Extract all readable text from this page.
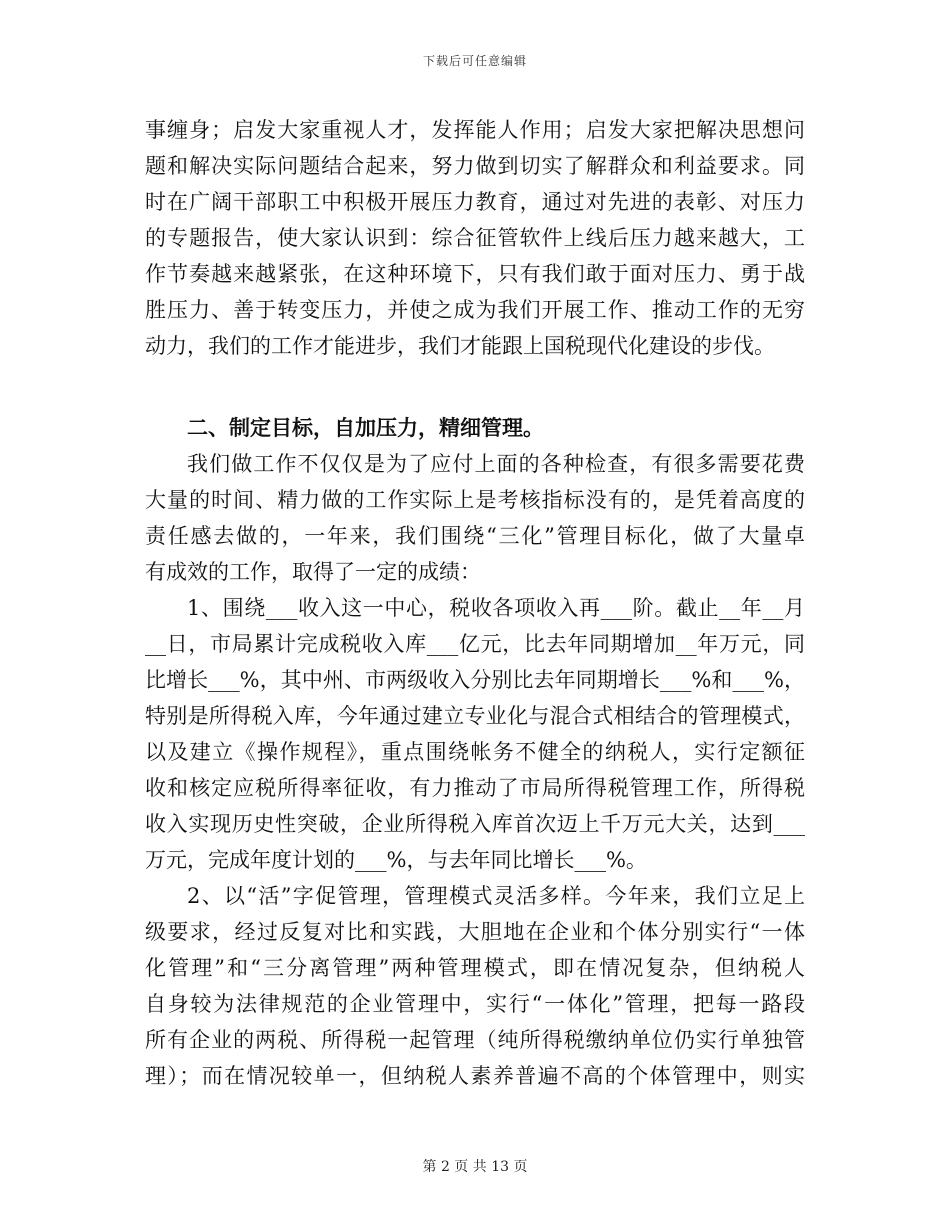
下载后可任意编辑
事缠身；启发大家重视人才，发挥能人作用；启发大家把解决思想问
题和解决实际问题结合起来，努力做到切实了解群众和利益要求。同
时在广阔干部职工中积极开展压力教育，通过对先进的表彰、对压力
的专题报告，使大家认识到：综合征管软件上线后压力越来越大，工
作节奏越来越紧张，在这种环境下，只有我们敢于面对压力、勇于战
胜压力、善于转变压力，并使之成为我们开展工作、推动工作的无穷
动力，我们的工作才能进步，我们才能跟上国税现代化建设的步伐。
二、制定目标，自加压力，精细管理。
我们做工作不仅仅是为了应付上面的各种检查，有很多需要花费
大量的时间、精力做的工作实际上是考核指标没有的，是凭着高度的
责任感去做的，一年来，我们围绕“三化”管理目标化，做了大量卓
有成效的工作，取得了一定的成绩：
1、围绕___收入这一中心，税收各项收入再___阶。截止__年__月
__日，市局累计完成税收入库___亿元，比去年同期增加__年万元，同
比增长___%，其中州、市两级收入分别比去年同期增长___%和___%，
特别是所得税入库，今年通过建立专业化与混合式相结合的管理模式，
以及建立《操作规程》，重点围绕帐务不健全的纳税人，实行定额征
收和核定应税所得率征收，有力推动了市局所得税管理工作，所得税
收入实现历史性突破，企业所得税入库首次迈上千万元大关，达到___
万元，完成年度计划的___%，与去年同比增长___%。
2、以“活”字促管理，管理模式灵活多样。今年来，我们立足上
级要求，经过反复对比和实践，大胆地在企业和个体分别实行“一体
化管理”和“三分离管理”两种管理模式，即在情况复杂，但纳税人
自身较为法律规范的企业管理中，实行“一体化”管理，把每一路段
所有企业的两税、所得税一起管理（纯所得税缴纳单位仍实行单独管
理）；而在情况较单一，但纳税人素养普遍不高的个体管理中，则实
第 2 页 共 13 页
